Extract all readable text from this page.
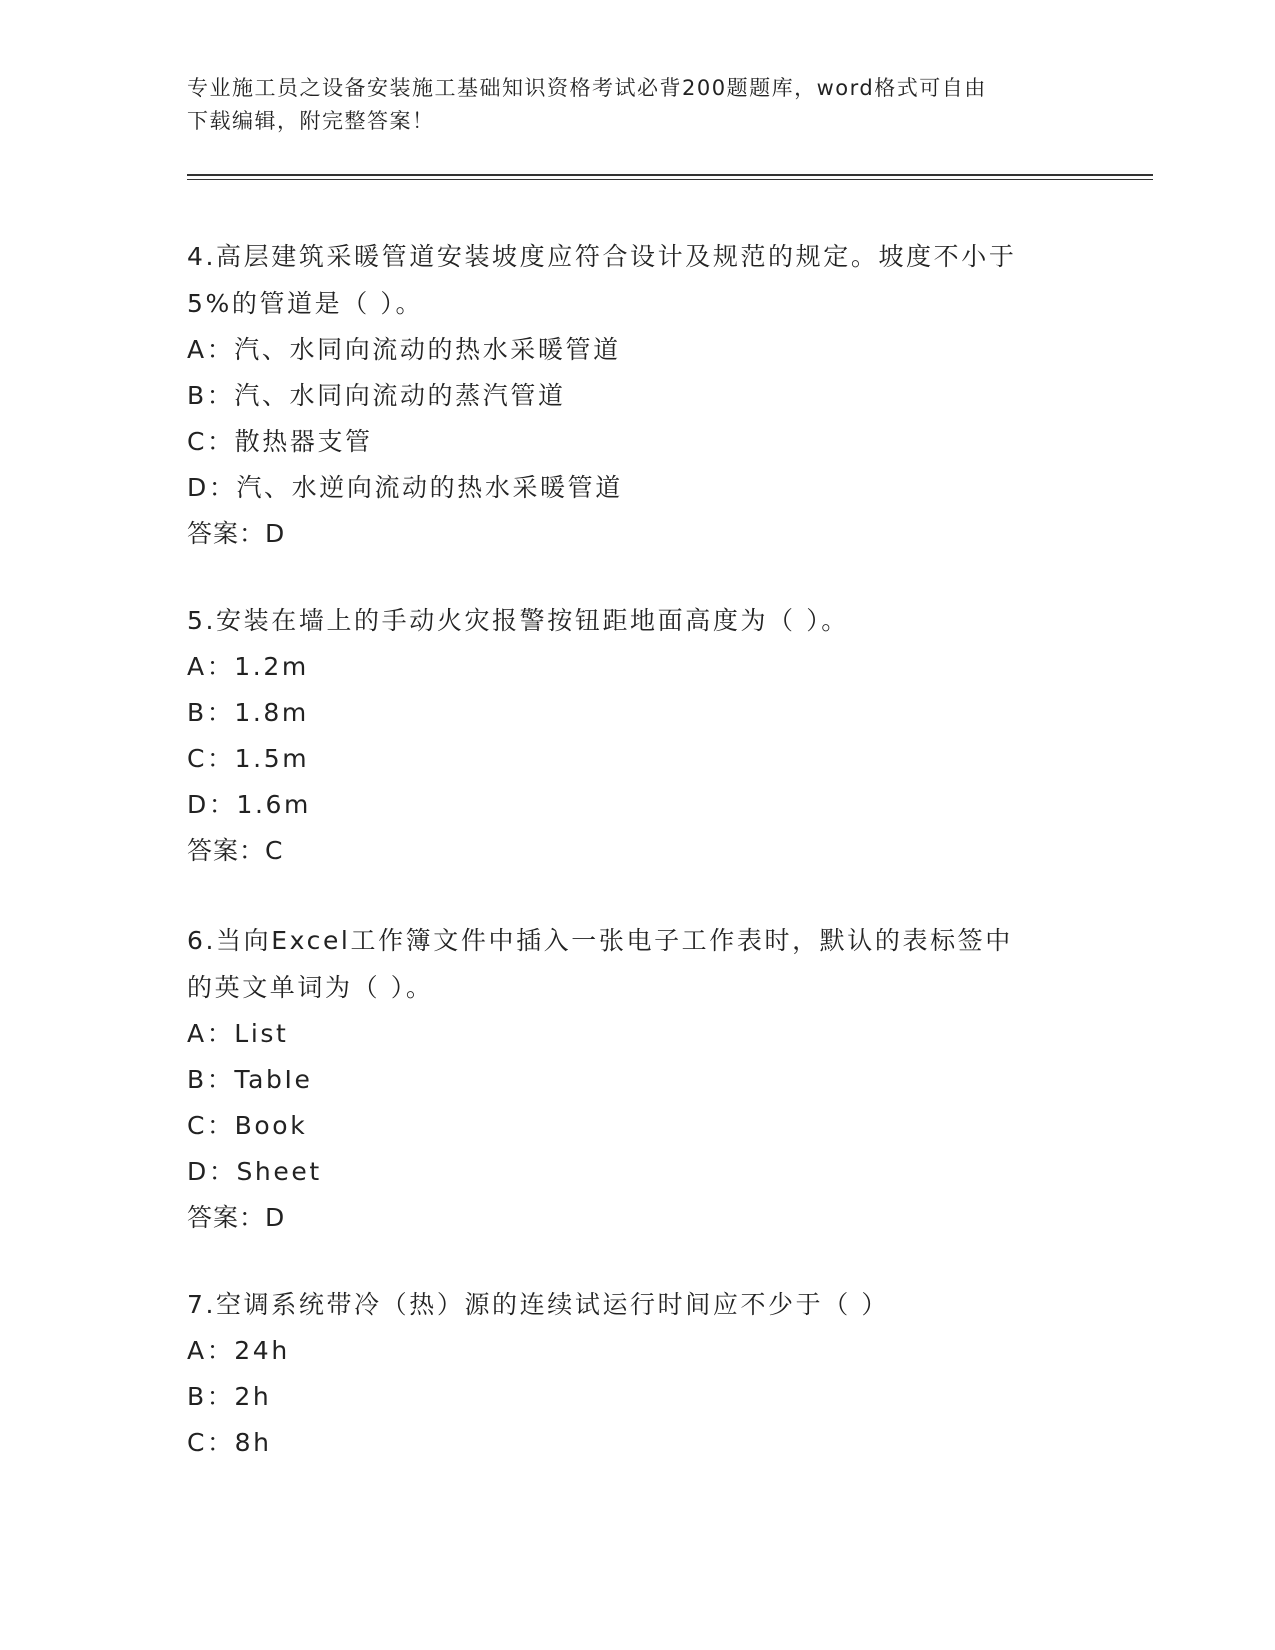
专业施工员之设备安装施工基础知识资格考试必背200题题库，word格式可自由
下载编辑，附完整答案！
4.高层建筑采暖管道安装坡度应符合设计及规范的规定。坡度不小于
5%的管道是（ ）。
A：汽、水同向流动的热水采暖管道
B：汽、水同向流动的蒸汽管道
C：散热器支管
D：汽、水逆向流动的热水采暖管道
答案：D
5.安装在墙上的手动火灾报警按钮距地面高度为（ ）。
A：1.2m
B：1.8m
C：1.5m
D：1.6m
答案：C
6.当向Excel工作簿文件中插入一张电子工作表时，默认的表标签中
的英文单词为（ ）。
A：List
B：TabIe
C：Book
D：Sheet
答案：D
7.空调系统带冷（热）源的连续试运行时间应不少于（ ）
A：24h
B：2h
C：8h
